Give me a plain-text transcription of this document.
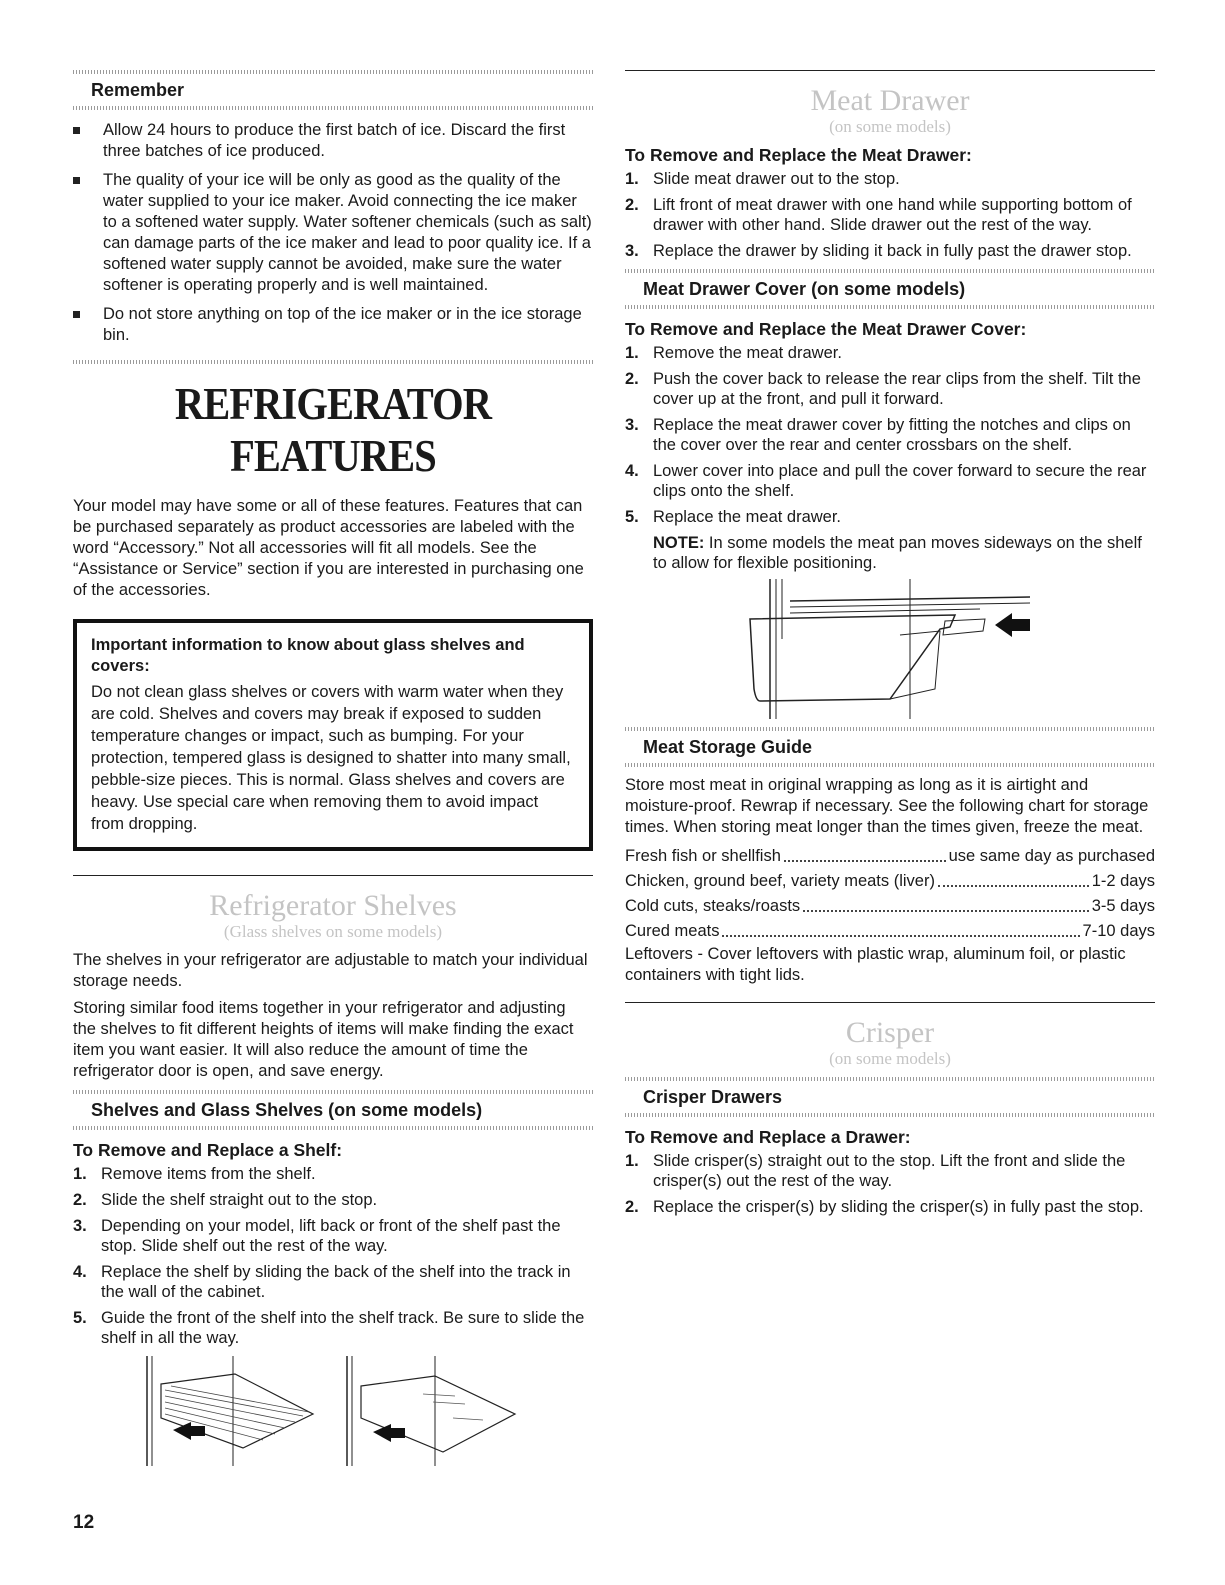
Remember
Allow 24 hours to produce the first batch of ice. Discard the first three batches of ice produced.
The quality of your ice will be only as good as the quality of the water supplied to your ice maker. Avoid connecting the ice maker to a softened water supply. Water softener chemicals (such as salt) can damage parts of the ice maker and lead to poor quality ice. If a softened water supply cannot be avoided, make sure the water softener is operating properly and is well maintained.
Do not store anything on top of the ice maker or in the ice storage bin.
REFRIGERATOR FEATURES

Your model may have some or all of these features. Features that can be purchased separately as product accessories are labeled with the word “Accessory.” Not all accessories will fit all models. See the “Assistance or Service” section if you are interested in purchasing one of the accessories.

Important information to know about glass shelves and covers:
Do not clean glass shelves or covers with warm water when they are cold. Shelves and covers may break if exposed to sudden temperature changes or impact, such as bumping. For your protection, tempered glass is designed to shatter into many small, pebble-size pieces. This is normal. Glass shelves and covers are heavy. Use special care when removing them to avoid impact from dropping.
Refrigerator Shelves
(Glass shelves on some models)

The shelves in your refrigerator are adjustable to match your individual storage needs.

Storing similar food items together in your refrigerator and adjusting the shelves to fit different heights of items will make finding the exact item you want easier. It will also reduce the amount of time the refrigerator door is open, and save energy.

Shelves and Glass Shelves (on some models)
To Remove and Replace a Shelf:
1. Remove items from the shelf.
2. Slide the shelf straight out to the stop.
3. Depending on your model, lift back or front of the shelf past the stop. Slide shelf out the rest of the way.
4. Replace the shelf by sliding the back of the shelf into the track in the wall of the cabinet.
5. Guide the front of the shelf into the shelf track. Be sure to slide the shelf in all the way.
Meat Drawer
(on some models)
To Remove and Replace the Meat Drawer:
1. Slide meat drawer out to the stop.
2. Lift front of meat drawer with one hand while supporting bottom of drawer with other hand. Slide drawer out the rest of the way.
3. Replace the drawer by sliding it back in fully past the drawer stop.
Meat Drawer Cover (on some models)
To Remove and Replace the Meat Drawer Cover:
1. Remove the meat drawer.
2. Push the cover back to release the rear clips from the shelf. Tilt the cover up at the front, and pull it forward.
3. Replace the meat drawer cover by fitting the notches and clips on the cover over the rear and center crossbars on the shelf.
4. Lower cover into place and pull the cover forward to secure the rear clips onto the shelf.
5. Replace the meat drawer.
NOTE: In some models the meat pan moves sideways on the shelf to allow for flexible positioning.
Meat Storage Guide

Store most meat in original wrapping as long as it is airtight and moisture-proof. Rewrap if necessary. See the following chart for storage times. When storing meat longer than the times given, freeze the meat.

Fresh fish or shellfish	use same day as purchased
Chicken, ground beef, variety meats (liver)	1-2 days
Cold cuts, steaks/roasts	3-5 days
Cured meats	7-10 days

Leftovers - Cover leftovers with plastic wrap, aluminum foil, or plastic containers with tight lids.

Crisper
(on some models)
Crisper Drawers
To Remove and Replace a Drawer:
1. Slide crisper(s) straight out to the stop. Lift the front and slide the crisper(s) out the rest of the way.
2. Replace the crisper(s) by sliding the crisper(s) in fully past the stop.
12
